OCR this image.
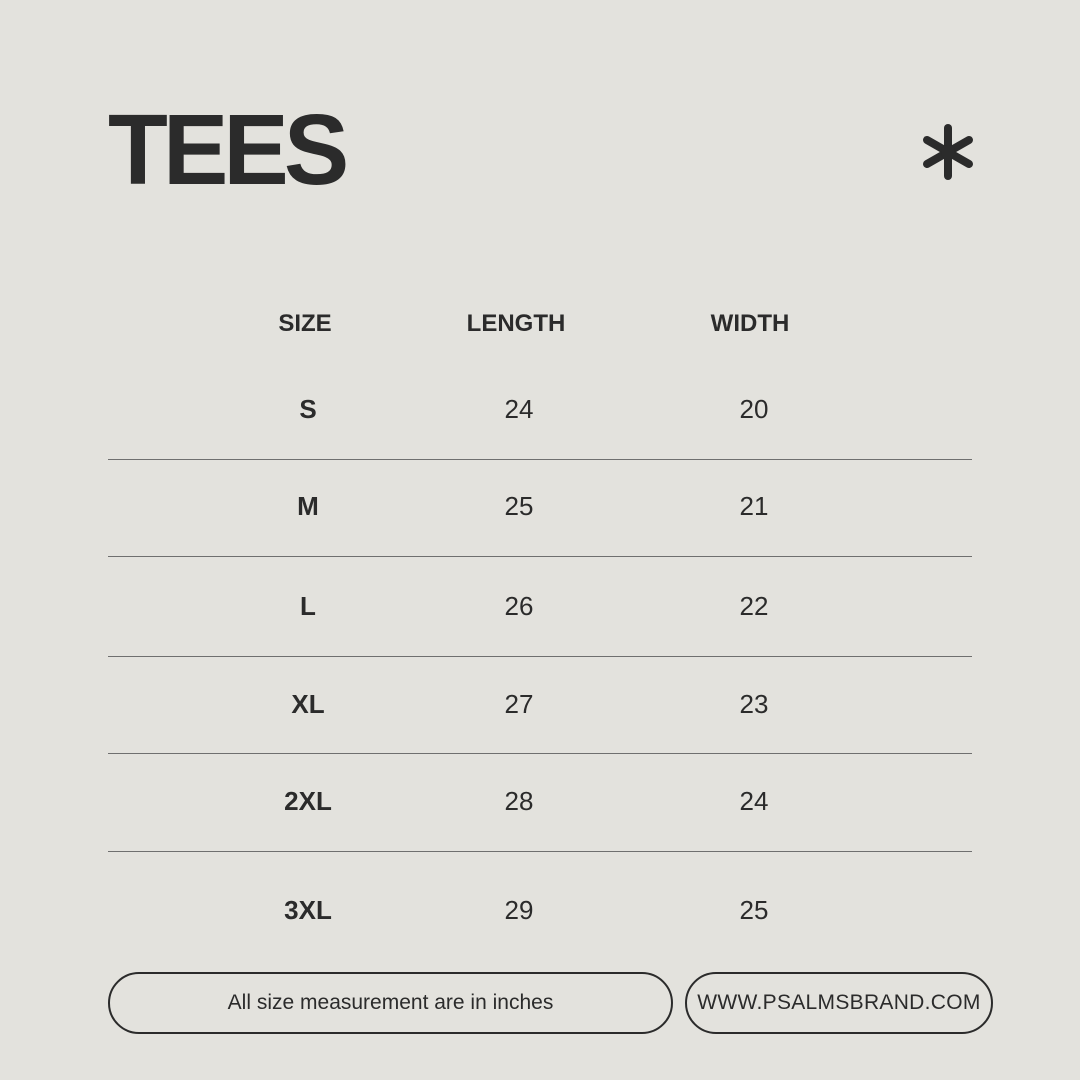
TEES
SIZE	LENGTH	WIDTH
S	24	20
M	25	21
L	26	22
XL	27	23
2XL	28	24
3XL	29	25
All size measurement are in inches	WWW.PSALMSBRAND.COM
